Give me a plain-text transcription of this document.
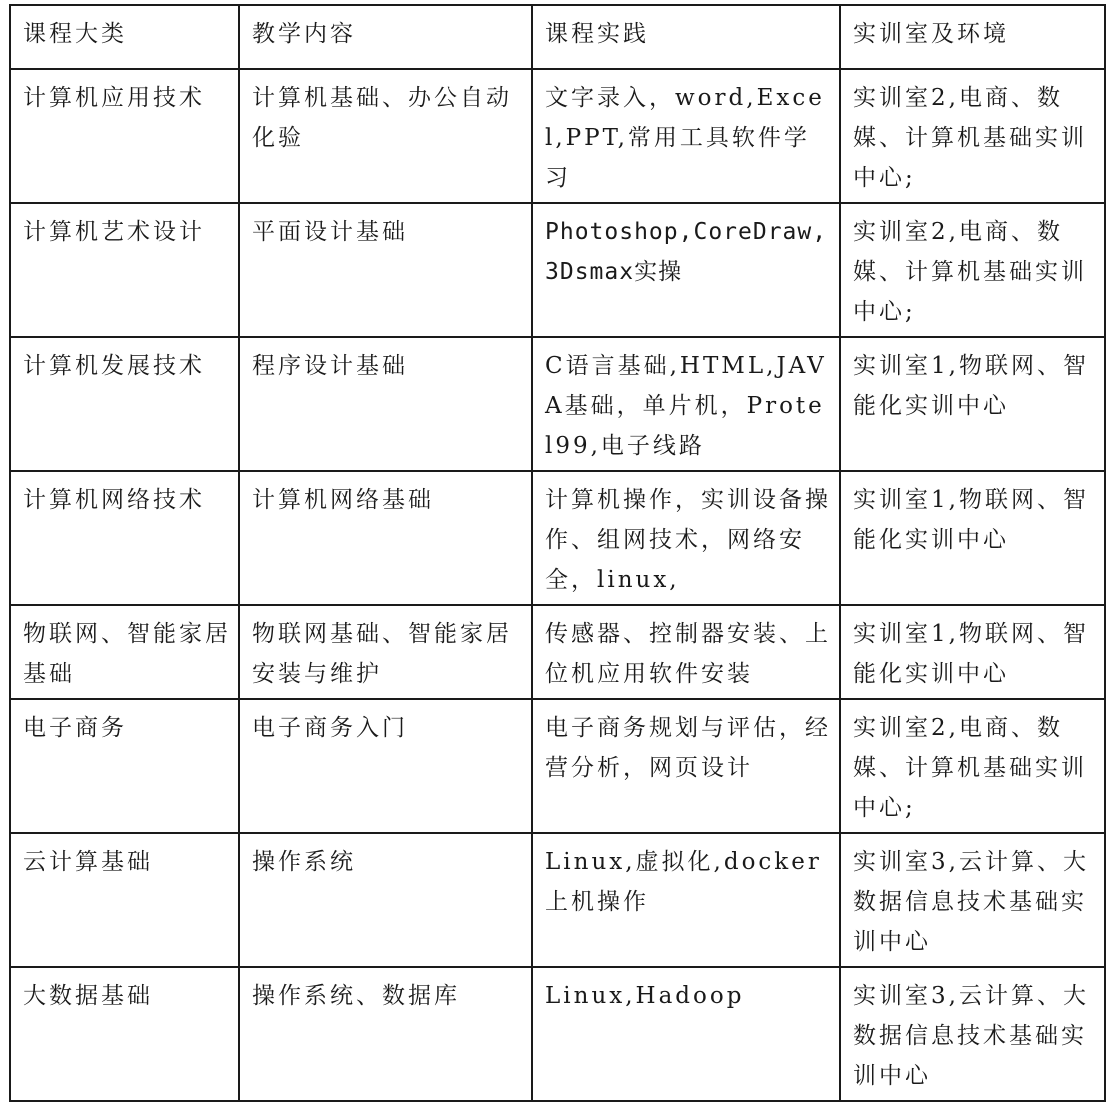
课程大类	教学内容	课程实践	实训室及环境
计算机应用技术	计算机基础、办公自动化验	文字录入，word,Excel,PPT,常用工具软件学习	实训室2,电商、数媒、计算机基础实训中心;
计算机艺术设计	平面设计基础	Photoshop,CoreDraw,3Dsmax实操	实训室2,电商、数媒、计算机基础实训中心;
计算机发展技术	程序设计基础	C语言基础,HTML,JAVA基础，单片机，Protel99,电子线路	实训室1,物联网、智能化实训中心
计算机网络技术	计算机网络基础	计算机操作，实训设备操作、组网技术，网络安全，linux,	实训室1,物联网、智能化实训中心
物联网、智能家居基础	物联网基础、智能家居安装与维护	传感器、控制器安装、上位机应用软件安装	实训室1,物联网、智能化实训中心
电子商务	电子商务入门	电子商务规划与评估，经营分析，网页设计	实训室2,电商、数媒、计算机基础实训中心;
云计算基础	操作系统	Linux,虚拟化,docker上机操作	实训室3,云计算、大数据信息技术基础实训中心
大数据基础	操作系统、数据库	Linux,Hadoop	实训室3,云计算、大数据信息技术基础实训中心
